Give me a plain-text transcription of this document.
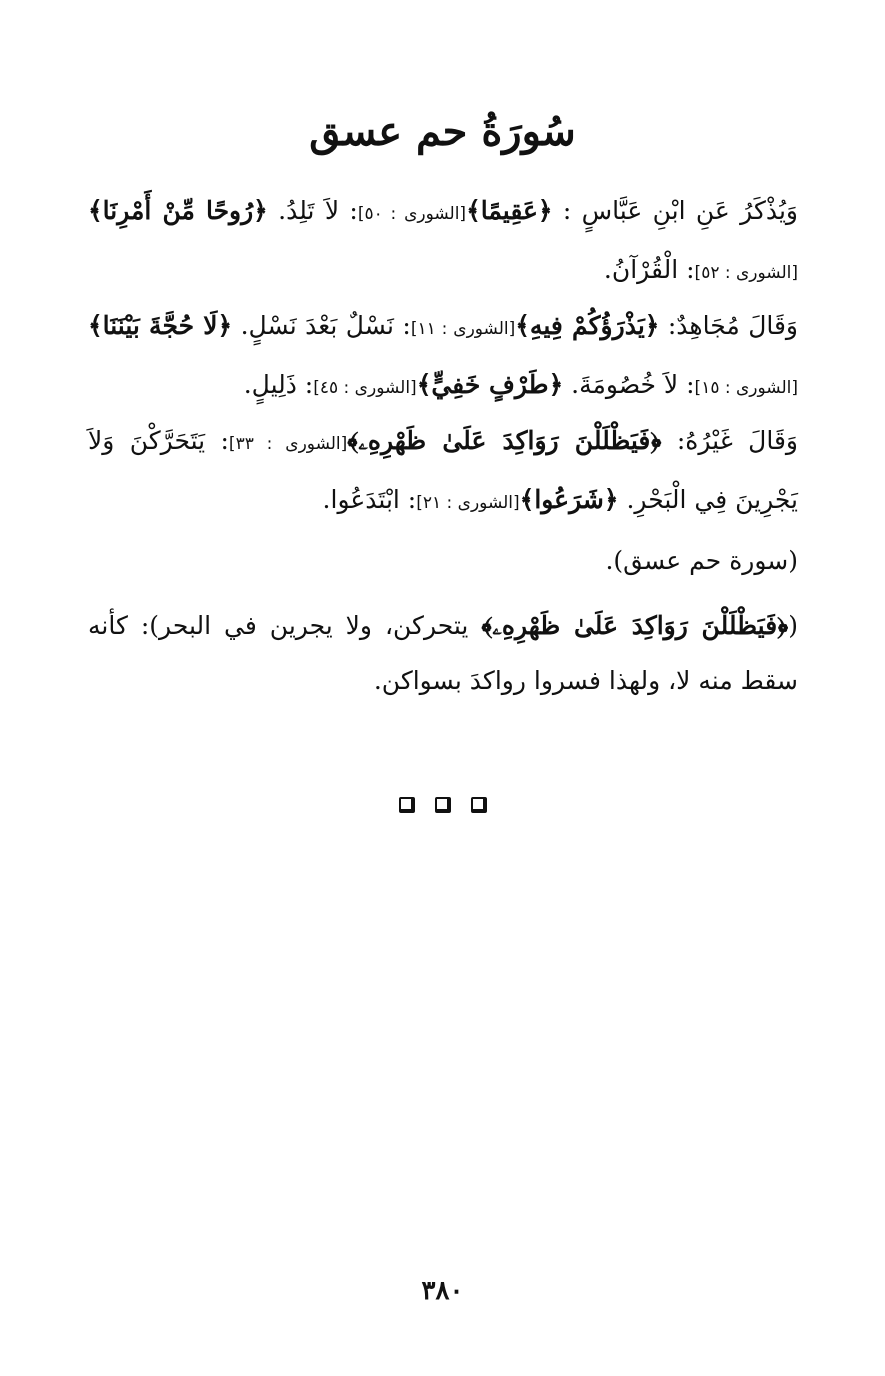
سُورَةُ حم عسق
وَيُذْكَرُ عَنِ ابْنِ عَبَّاسٍ : ﴿عَقِيمًا﴾[الشورى : ٥٠]: لاَ تَلِدُ. ﴿رُوحًا مِّنْ أَمْرِنَا﴾[الشورى : ٥٢]: الْقُرْآنُ.
وَقَالَ مُجَاهِدٌ: ﴿يَذْرَؤُكُمْ فِيهِ﴾[الشورى : ١١]: نَسْلٌ بَعْدَ نَسْلٍ. ﴿لَا حُجَّةَ بَيْنَنَا﴾[الشورى : ١٥]: لاَ خُصُومَةَ. ﴿طَرْفٍ خَفِيٍّ﴾[الشورى : ٤٥]: ذَلِيلٍ.
وَقَالَ غَيْرُهُ: ﴿فَيَظْلَلْنَ رَوَاكِدَ عَلَىٰ ظَهْرِهِۦ﴾[الشورى : ٣٣]: يَتَحَرَّكْنَ وَلاَ يَجْرِينَ فِي الْبَحْرِ. ﴿شَرَعُوا﴾[الشورى : ٢١]: ابْتَدَعُوا.
(سورة حم عسق).
(﴿فَيَظْلَلْنَ رَوَاكِدَ عَلَىٰ ظَهْرِهِۦ﴾ يتحركن، ولا يجرين في البحر): كأنه سقط منه لا، ولهذا فسروا رواكدَ بسواكن.
٣٨٠
